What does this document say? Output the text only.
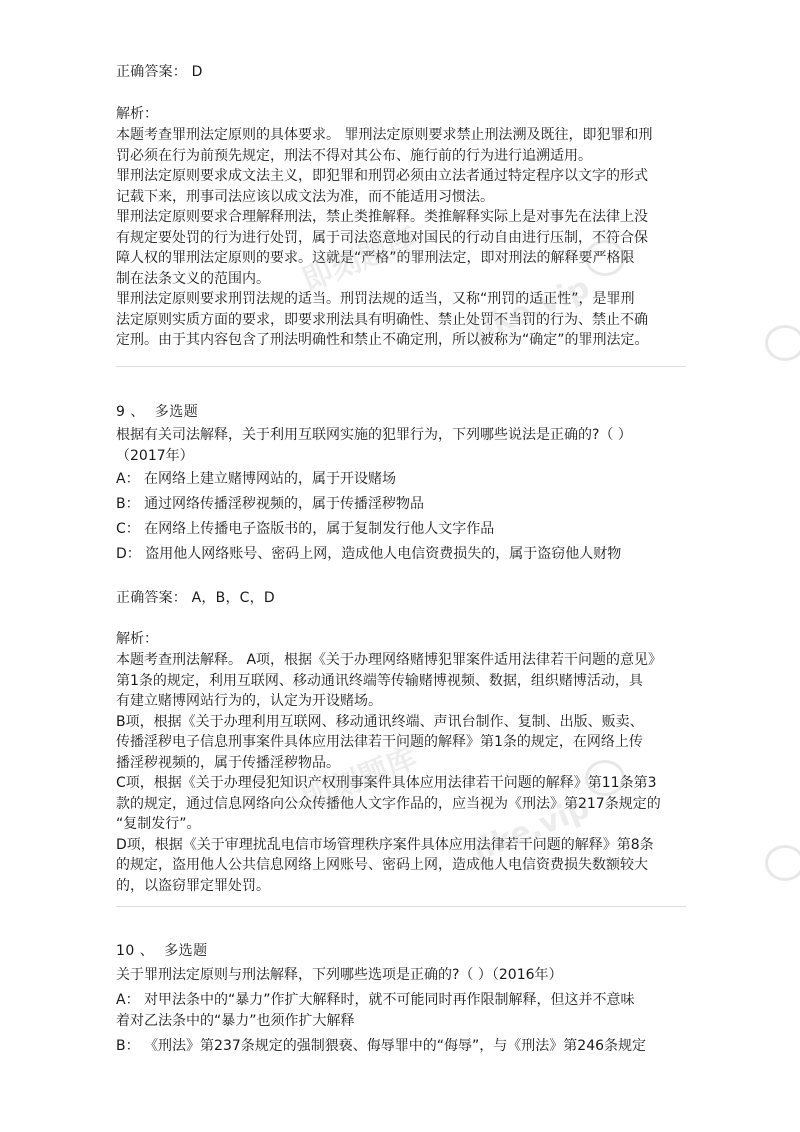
正确答案： D

解析：

本题考查罪刑法定原则的具体要求。 罪刑法定原则要求禁止刑法溯及既往，即犯罪和刑

罚必须在行为前预先规定，刑法不得对其公布、施行前的行为进行追溯适用。

罪刑法定原则要求成文法主义，即犯罪和刑罚必须由立法者通过特定程序以文字的形式

记载下来，刑事司法应该以成文法为准，而不能适用习惯法。

罪刑法定原则要求合理解释刑法，禁止类推解释。类推解释实际上是对事先在法律上没

有规定要处罚的行为进行处罚，属于司法恣意地对国民的行动自由进行压制，不符合保

障人权的罪刑法定原则的要求。这就是“严格”的罪刑法定，即对刑法的解释要严格限

制在法条文义的范围内。

罪刑法定原则要求刑罚法规的适当。刑罚法规的适当，又称“刑罚的适正性”，是罪刑

法定原则实质方面的要求，即要求刑法具有明确性、禁止处罚不当罚的行为、禁止不确

定刑。由于其内容包含了刑法明确性和禁止不确定刑，所以被称为“确定”的罪刑法定。

9 、 多选题

根据有关司法解释，关于利用互联网实施的犯罪行为，下列哪些说法是正确的?（ ）

（2017年）

A： 在网络上建立赌博网站的，属于开设赌场

B： 通过网络传播淫秽视频的，属于传播淫秽物品

C： 在网络上传播电子盗版书的，属于复制发行他人文字作品

D： 盗用他人网络账号、密码上网，造成他人电信资费损失的，属于盗窃他人财物

正确答案： A，B，C，D

解析：

本题考查刑法解释。 A项，根据《关于办理网络赌博犯罪案件适用法律若干问题的意见》

第1条的规定，利用互联网、移动通讯终端等传输赌博视频、数据，组织赌博活动，具

有建立赌博网站行为的，认定为开设赌场。

B项，根据《关于办理利用互联网、移动通讯终端、声讯台制作、复制、出版、贩卖、

传播淫秽电子信息刑事案件具体应用法律若干问题的解释》第1条的规定，在网络上传

播淫秽视频的，属于传播淫秽物品。

C项，根据《关于办理侵犯知识产权刑事案件具体应用法律若干问题的解释》第11条第3

款的规定，通过信息网络向公众传播他人文字作品的，应当视为《刑法》第217条规定的

“复制发行”。

D项，根据《关于审理扰乱电信市场管理秩序案件具体应用法律若干问题的解释》第8条

的规定，盗用他人公共信息网络上网账号、密码上网，造成他人电信资费损失数额较大

的，以盗窃罪定罪处罚。

10 、 多选题

关于罪刑法定原则与刑法解释，下列哪些选项是正确的?（ ）（2016年）

A： 对甲法条中的“暴力”作扩大解释时，就不可能同时再作限制解释，但这并不意味

着对乙法条中的“暴力”也须作扩大解释

B： 《刑法》第237条规定的强制猥亵、侮辱罪中的“侮辱”，与《刑法》第246条规定

即刻题库
jike.vip
即刻题库
jike.vip
